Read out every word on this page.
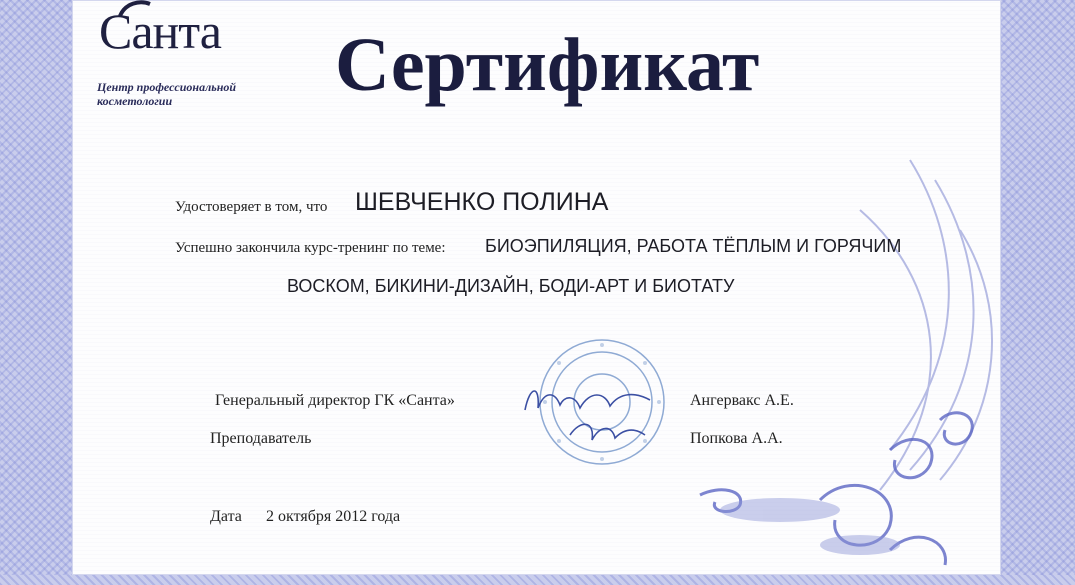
Санта
Центр профессиональной
косметологии	Сертификат
Удостоверяет в том, что ШЕВЧЕНКО ПОЛИНА
Успешно закончила курс-тренинг по теме: БИОЭПИЛЯЦИЯ, РАБОТА ТЁПЛЫМ И ГОРЯЧИМ
ВОСКОМ, БИКИНИ-ДИЗАЙН, БОДИ-АРТ И БИОТАТУ
Генеральный директор ГК «Санта»	Ангервакс А.Е.
Преподаватель	Попкова А.А.
Дата 2 октября 2012 года
